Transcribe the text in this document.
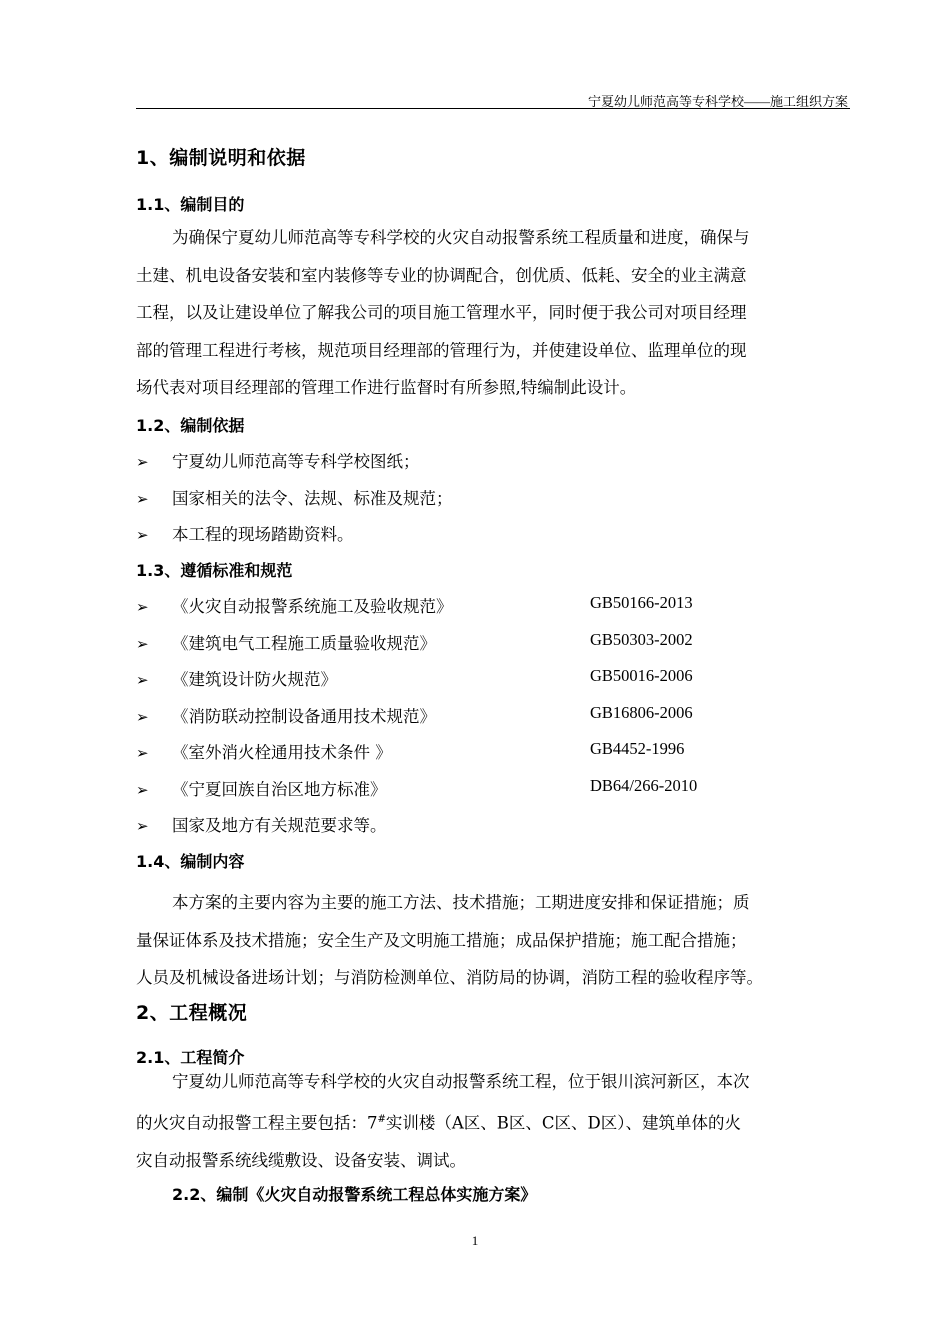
宁夏幼儿师范高等专科学校——施工组织方案
1、编制说明和依据
1.1、编制目的
为确保宁夏幼儿师范高等专科学校的火灾自动报警系统工程质量和进度，确保与
土建、机电设备安装和室内装修等专业的协调配合，创优质、低耗、安全的业主满意
工程，以及让建设单位了解我公司的项目施工管理水平，同时便于我公司对项目经理
部的管理工程进行考核，规范项目经理部的管理行为，并使建设单位、监理单位的现
场代表对项目经理部的管理工作进行监督时有所参照,特编制此设计。
1.2、编制依据
➢ 宁夏幼儿师范高等专科学校图纸；
➢ 国家相关的法令、法规、标准及规范；
➢ 本工程的现场踏勘资料。
1.3、遵循标准和规范
➢ 《火灾自动报警系统施工及验收规范》	GB50166-2013
➢ 《建筑电气工程施工质量验收规范》	GB50303-2002
➢ 《建筑设计防火规范》	GB50016-2006
➢ 《消防联动控制设备通用技术规范》	GB16806-2006
➢ 《室外消火栓通用技术条件 》	GB4452-1996
➢ 《宁夏回族自治区地方标准》	DB64/266-2010
➢ 国家及地方有关规范要求等。
1.4、编制内容
本方案的主要内容为主要的施工方法、技术措施；工期进度安排和保证措施；质
量保证体系及技术措施；安全生产及文明施工措施；成品保护措施；施工配合措施；
人员及机械设备进场计划；与消防检测单位、消防局的协调，消防工程的验收程序等。
2、工程概况
2.1、工程简介
宁夏幼儿师范高等专科学校的火灾自动报警系统工程，位于银川滨河新区，本次
的火灾自动报警工程主要包括：7#实训楼（A区、B区、C区、D区）、建筑单体的火
灾自动报警系统线缆敷设、设备安装、调试。
2.2、编制《火灾自动报警系统工程总体实施方案》
1
